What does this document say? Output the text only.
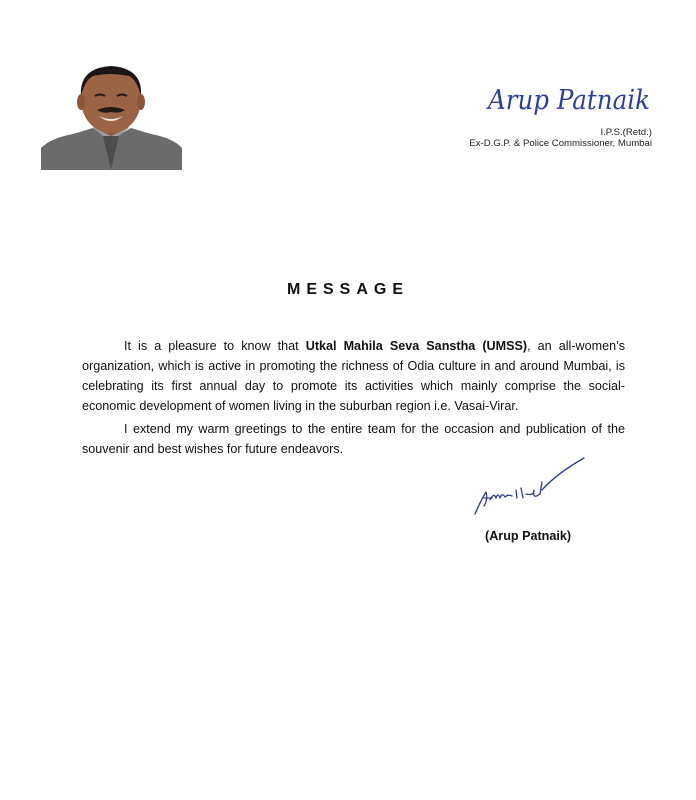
Arup Patnaik
I.P.S.(Retd.)
Ex-D.G.P. & Police Commissioner, Mumbai
MESSAGE

It is a pleasure to know that Utkal Mahila Seva Sanstha (UMSS), an all-women’s organization, which is active in promoting the richness of Odia culture in and around Mumbai, is celebrating its first annual day to promote its activities which mainly comprise the social-economic development of women living in the suburban region i.e. Vasai-Virar.

I extend my warm greetings to the entire team for the occasion and publication of the souvenir and best wishes for future endeavors.

(Arup Patnaik)
